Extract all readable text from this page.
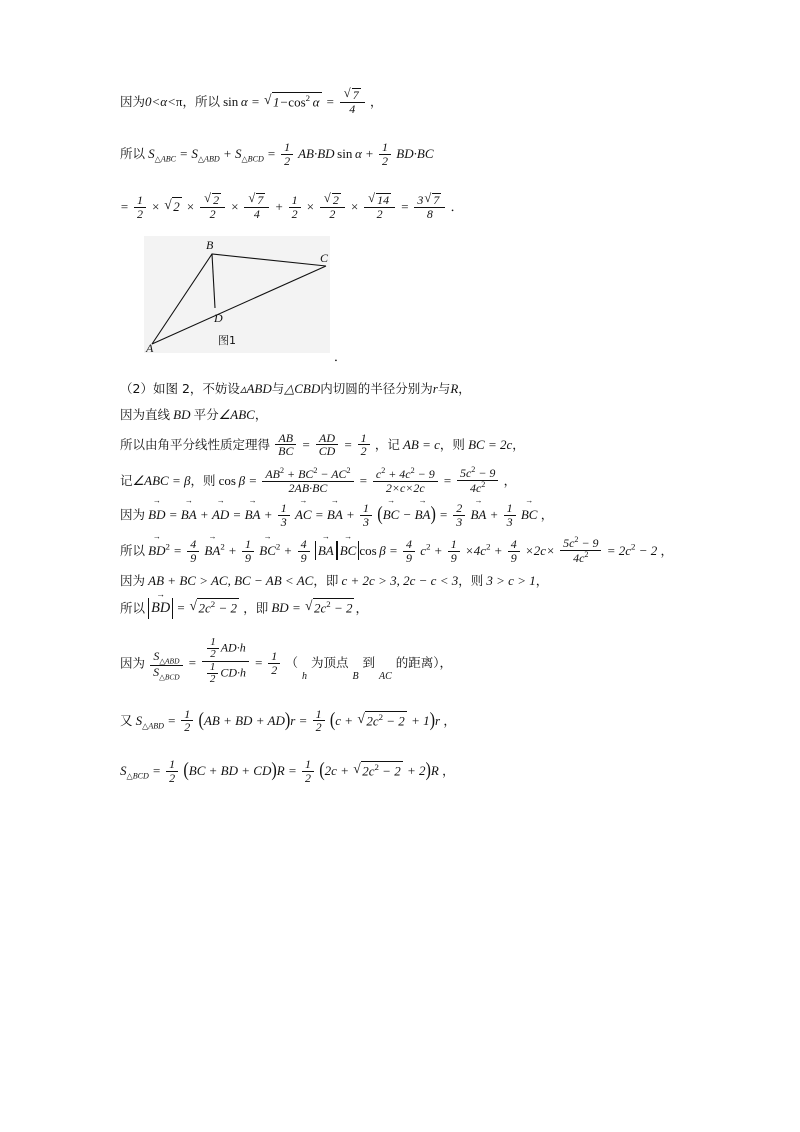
因为0<α<π，所以 sin  α = √ $1-\cos^2$  α = √ $\frac{7}{4}$ ，
所以 $S_{\triangle ABC} = S_{\triangle ABD} + S_{\triangle BCD} = \frac{1}{2} AB\cdot BD$  $\sin \alpha + \frac{1}{2} BD\cdot BC$
= $\frac{1}{2}$ × √ 2 × √ $\frac{2}{2}$ × √ $\frac{7}{4} + \frac{1}{2}$ × √ $\frac{2}{2}$ × √ $\frac{14}{2} = \frac{3 √ 7}{8}$ ．
B
C
A
D
图1
．
（2）如图 2，不妨设▵ABD与△CBD内切圆的半径分别为r与R，
因为直线 BD 平分∠ABC，
所以由角平分线性质定理得 $\frac{AB}{BC} = \frac{AD}{CD} = \frac{1}{2}$ ，记 AB = c，则 BC = 2c，
记∠ABC = β，则 $\cos \beta = \frac{AB^2 + BC^2 - AC^2}{2AB\cdot BC} = \frac{c^2 + 4c^2 - 9}{2\times c\times 2c} = \frac{5c^2 - 9}{4c^2}$ ，
因为 BD → = BA → + AD → = BA → + $\frac{1}{3}$ AC → = BA → + $\frac{1}{3} (BC$ → − BA →) = $\frac{2}{3}$ BA → + $\frac{1}{3}$ BC → ，
所以 BD $\to^2 = \frac{4}{9}$ BA $\to^2 + \frac{1}{9}$ BC $\to^2 + \frac{4}{9}$ BA → BC → $\cos \beta = \frac{4}{9} c^2 + \frac{1}{9} \times 4c^2 + \frac{4}{9} \times 2c\times \frac{5c^2 - 9}{4c^2} = 2c^2 - 2$ ，
因为 AB + BC > AC, BC − AB < AC，即 c + 2c > 3, 2c − c < 3，则 3 > c > 1，
所以 BD → = √ $2c^2 - 2$ ，即 BD = √ $2c^2 - 2$ ，
因为 $\frac{S_{\triangle ABD}}{S_{\triangle BCD}} = \frac{\frac{1}{2} AD\cdot h}{\frac{1}{2} CD\cdot h} = \frac{1}{2}$ （
h
为顶点
B
到
AC
的距离），
又 $S_{\triangle ABD} = \frac{1}{2} (AB$ + BD + $AD)r = \frac{1}{2} (c$ + √ $2c^2 - 2 + 1)r$ ，
$S_{\triangle BCD} = \frac{1}{2} (BC$ + BD + $CD)R = \frac{1}{2} (2c$ + √ $2c^2 - 2 + 2)R$ ，
